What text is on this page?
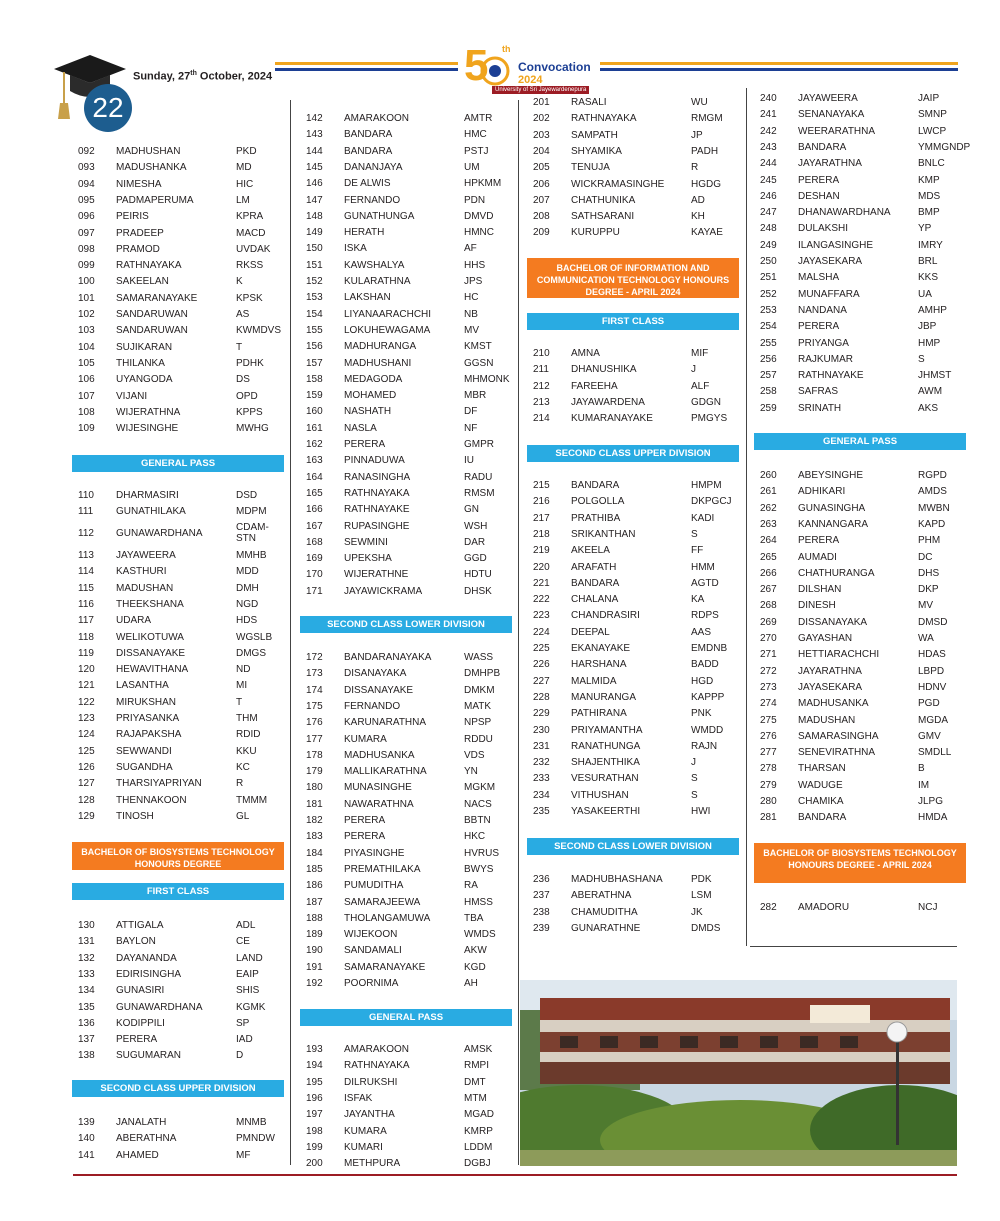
22
Sunday, 27th October, 2024	5 th
Convocation
2024
University of Sri Jayewardenepura
092 MADHUSHAN	PKD
093 MADUSHANKA	MD
094 NIMESHA	HIC
095 PADMAPERUMA	LM
096 PEIRIS	KPRA
097 PRADEEP	MACD
098 PRAMOD	UVDAK
099 RATHNAYAKA	RKSS
100 SAKEELAN	K
101 SAMARANAYAKE	KPSK
102 SANDARUWAN	AS
103 SANDARUWAN	KWMDVS
104 SUJIKARAN	T
105 THILANKA	PDHK
106 UYANGODA	DS
107 VIJANI	OPD
108 WIJERATHNA	KPPS
109 WIJESINGHE	MWHG
GENERAL PASS
110 DHARMASIRI	DSD
111 GUNATHILAKA	MDPM
112 GUNAWARDHANA
CDAM-STN
113 JAYAWEERA	MMHB
114 KASTHURI	MDD
115 MADUSHAN	DMH
116 THEEKSHANA	NGD
117 UDARA	HDS
118 WELIKOTUWA	WGSLB
119 DISSANAYAKE	DMGS
120 HEWAVITHANA	ND
121 LASANTHA	MI
122 MIRUKSHAN	T
123 PRIYASANKA	THM
124 RAJAPAKSHA	RDID
125 SEWWANDI	KKU
126 SUGANDHA	KC
127 THARSIYAPRIYAN	R
128 THENNAKOON	TMMM
129 TINOSH	GL
BACHELOR OF BIOSYSTEMS TECHNOLOGY HONOURS DEGREE
FIRST CLASS
130 ATTIGALA	ADL
131 BAYLON	CE
132 DAYANANDA	LAND
133 EDIRISINGHA	EAIP
134 GUNASIRI	SHIS
135 GUNAWARDHANA	KGMK
136 KODIPPILI	SP
137 PERERA	IAD
138 SUGUMARAN	D
SECOND CLASS UPPER DIVISION
139 JANALATH	MNMB
140 ABERATHNA	PMNDW
141 AHAMED	MF
142 AMARAKOON	AMTR
143 BANDARA	HMC
144 BANDARA	PSTJ
145 DANANJAYA	UM
146 DE ALWIS	HPKMM
147 FERNANDO	PDN
148 GUNATHUNGA	DMVD
149 HERATH	HMNC
150 ISKA	AF
151 KAWSHALYA	HHS
152 KULARATHNA	JPS
153 LAKSHAN	HC
154 LIYANAARACHCHI	NB
155 LOKUHEWAGAMA	MV
156 MADHURANGA	KMST
157 MADHUSHANI	GGSN
158 MEDAGODA	MHMONK
159 MOHAMED	MBR
160 NASHATH	DF
161 NASLA	NF
162 PERERA	GMPR
163 PINNADUWA	IU
164 RANASINGHA	RADU
165 RATHNAYAKA	RMSM
166 RATHNAYAKE	GN
167 RUPASINGHE	WSH
168 SEWMINI	DAR
169 UPEKSHA	GGD
170 WIJERATHNE	HDTU
171 JAYAWICKRAMA	DHSK
SECOND CLASS LOWER DIVISION
172 BANDARANAYAKA	WASS
173 DISANAYAKA	DMHPB
174 DISSANAYAKE	DMKM
175 FERNANDO	MATK
176 KARUNARATHNA	NPSP
177 KUMARA	RDDU
178 MADHUSANKA	VDS
179 MALLIKARATHNA	YN
180 MUNASINGHE	MGKM
181 NAWARATHNA	NACS
182 PERERA	BBTN
183 PERERA	HKC
184 PIYASINGHE	HVRUS
185 PREMATHILAKA	BWYS
186 PUMUDITHA	RA
187 SAMARAJEEWA	HMSS
188 THOLANGAMUWA	TBA
189 WIJEKOON	WMDS
190 SANDAMALI	AKW
191 SAMARANAYAKE	KGD
192 POORNIMA	AH
GENERAL PASS
193 AMARAKOON	AMSK
194 RATHNAYAKA	RMPI
195 DILRUKSHI	DMT
196 ISFAK	MTM
197 JAYANTHA	MGAD
198 KUMARA	KMRP
199 KUMARI	LDDM
200 METHPURA	DGBJ
201 RASALI	WU
202 RATHNAYAKA	RMGM
203 SAMPATH	JP
204 SHYAMIKA	PADH
205 TENUJA	R
206 WICKRAMASINGHE	HGDG
207 CHATHUNIKA	AD
208 SATHSARANI	KH
209 KURUPPU	KAYAE
BACHELOR OF INFORMATION AND COMMUNICATION TECHNOLOGY HONOURS DEGREE - APRIL 2024
FIRST CLASS
210 AMNA	MIF
211 DHANUSHIKA	J
212 FAREEHA	ALF
213 JAYAWARDENA	GDGN
214 KUMARANAYAKE	PMGYS
SECOND CLASS UPPER DIVISION
215 BANDARA	HMPM
216 POLGOLLA	DKPGCJ
217 PRATHIBA	KADI
218 SRIKANTHAN	S
219 AKEELA	FF
220 ARAFATH	HMM
221 BANDARA	AGTD
222 CHALANA	KA
223 CHANDRASIRI	RDPS
224 DEEPAL	AAS
225 EKANAYAKE	EMDNB
226 HARSHANA	BADD
227 MALMIDA	HGD
228 MANURANGA	KAPPP
229 PATHIRANA	PNK
230 PRIYAMANTHA	WMDD
231 RANATHUNGA	RAJN
232 SHAJENTHIKA	J
233 VESURATHAN	S
234 VITHUSHAN	S
235 YASAKEERTHI	HWI
SECOND CLASS LOWER DIVISION
236 MADHUBHASHANA	PDK
237 ABERATHNA	LSM
238 CHAMUDITHA	JK
239 GUNARATHNE	DMDS
240 JAYAWEERA	JAIP
241 SENANAYAKA	SMNP
242 WEERARATHNA	LWCP
243 BANDARA	YMMGNDP
244 JAYARATHNA	BNLC
245 PERERA	KMP
246 DESHAN	MDS
247 DHANAWARDHANA	BMP
248 DULAKSHI	YP
249 ILANGASINGHE	IMRY
250 JAYASEKARA	BRL
251 MALSHA	KKS
252 MUNAFFARA	UA
253 NANDANA	AMHP
254 PERERA	JBP
255 PRIYANGA	HMP
256 RAJKUMAR	S
257 RATHNAYAKE	JHMST
258 SAFRAS	AWM
259 SRINATH	AKS
GENERAL PASS
260 ABEYSINGHE	RGPD
261 ADHIKARI	AMDS
262 GUNASINGHA	MWBN
263 KANNANGARA	KAPD
264 PERERA	PHM
265 AUMADI	DC
266 CHATHURANGA	DHS
267 DILSHAN	DKP
268 DINESH	MV
269 DISSANAYAKA	DMSD
270 GAYASHAN	WA
271 HETTIARACHCHI	HDAS
272 JAYARATHNA	LBPD
273 JAYASEKARA	HDNV
274 MADHUSANKA	PGD
275 MADUSHAN	MGDA
276 SAMARASINGHA	GMV
277 SENEVIRATHNA	SMDLL
278 THARSAN	B
279 WADUGE	IM
280 CHAMIKA	JLPG
281 BANDARA	HMDA
BACHELOR OF BIOSYSTEMS TECHNOLOGY HONOURS DEGREE - APRIL 2024
282 AMADORU	NCJ
